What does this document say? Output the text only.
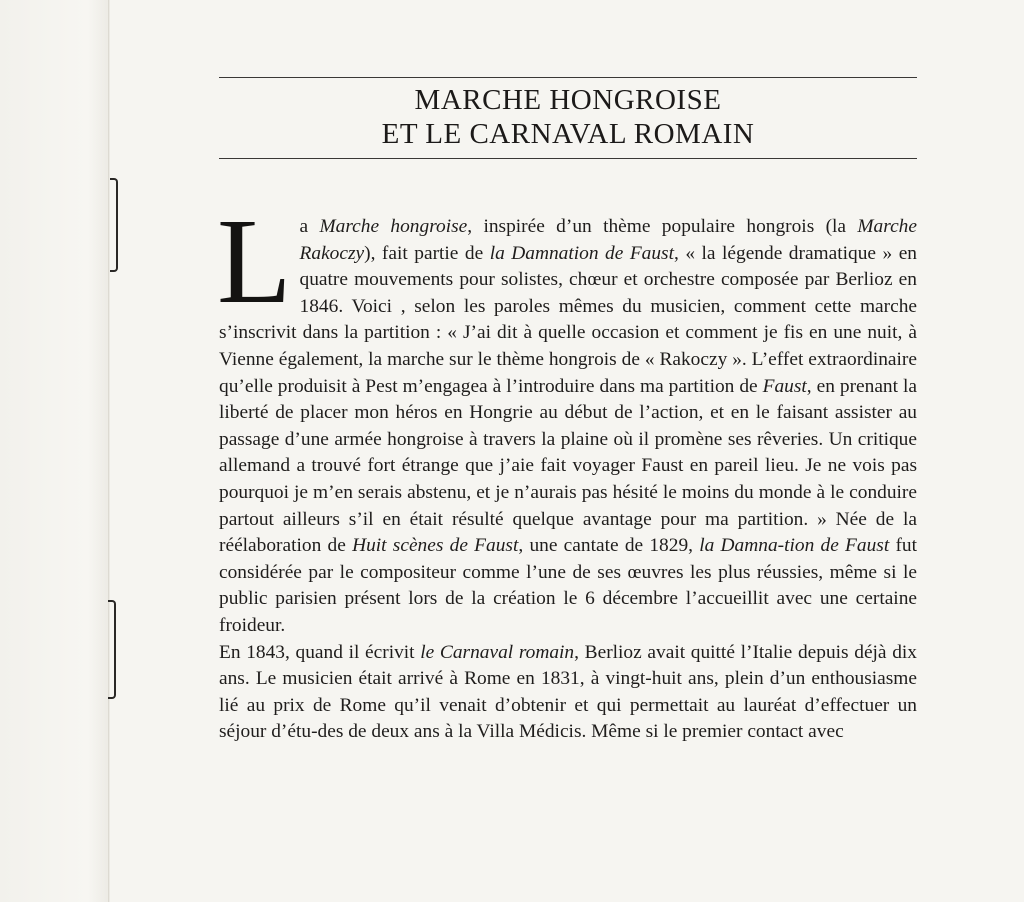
MARCHE HONGROISE
ET LE CARNAVAL ROMAIN

La Marche hongroise, inspirée d’un thème populaire hongrois (la Marche Rakoczy), fait partie de la Damnation de Faust, « la légende dramatique » en quatre mouvements pour solistes, chœur et orchestre composée par Berlioz en 1846. Voici , selon les paroles mêmes du musicien, comment cette marche s’inscrivit dans la partition : « J’ai dit à quelle occasion et comment je fis en une nuit, à Vienne également, la marche sur le thème hongrois de « Rakoczy ». L’effet extraordinaire qu’elle produisit à Pest m’engagea à l’introduire dans ma partition de Faust, en prenant la liberté de placer mon héros en Hongrie au début de l’action, et en le faisant assister au passage d’une armée hongroise à travers la plaine où il promène ses rêveries. Un critique allemand a trouvé fort étrange que j’aie fait voyager Faust en pareil lieu. Je ne vois pas pourquoi je m’en serais abstenu, et je n’aurais pas hésité le moins du monde à le conduire partout ailleurs s’il en était résulté quelque avantage pour ma partition. » Née de la réélaboration de Huit scènes de Faust, une cantate de 1829, la Damna-tion de Faust fut considérée par le compositeur comme l’une de ses œuvres les plus réussies, même si le public parisien présent lors de la création le 6 décembre l’accueillit avec une certaine froideur.

En 1843, quand il écrivit le Carnaval romain, Berlioz avait quitté l’Italie depuis déjà dix ans. Le musicien était arrivé à Rome en 1831, à vingt-huit ans, plein d’un enthousiasme lié au prix de Rome qu’il venait d’obtenir et qui permettait au lauréat d’effectuer un séjour d’étu-des de deux ans à la Villa Médicis. Même si le premier contact avec
